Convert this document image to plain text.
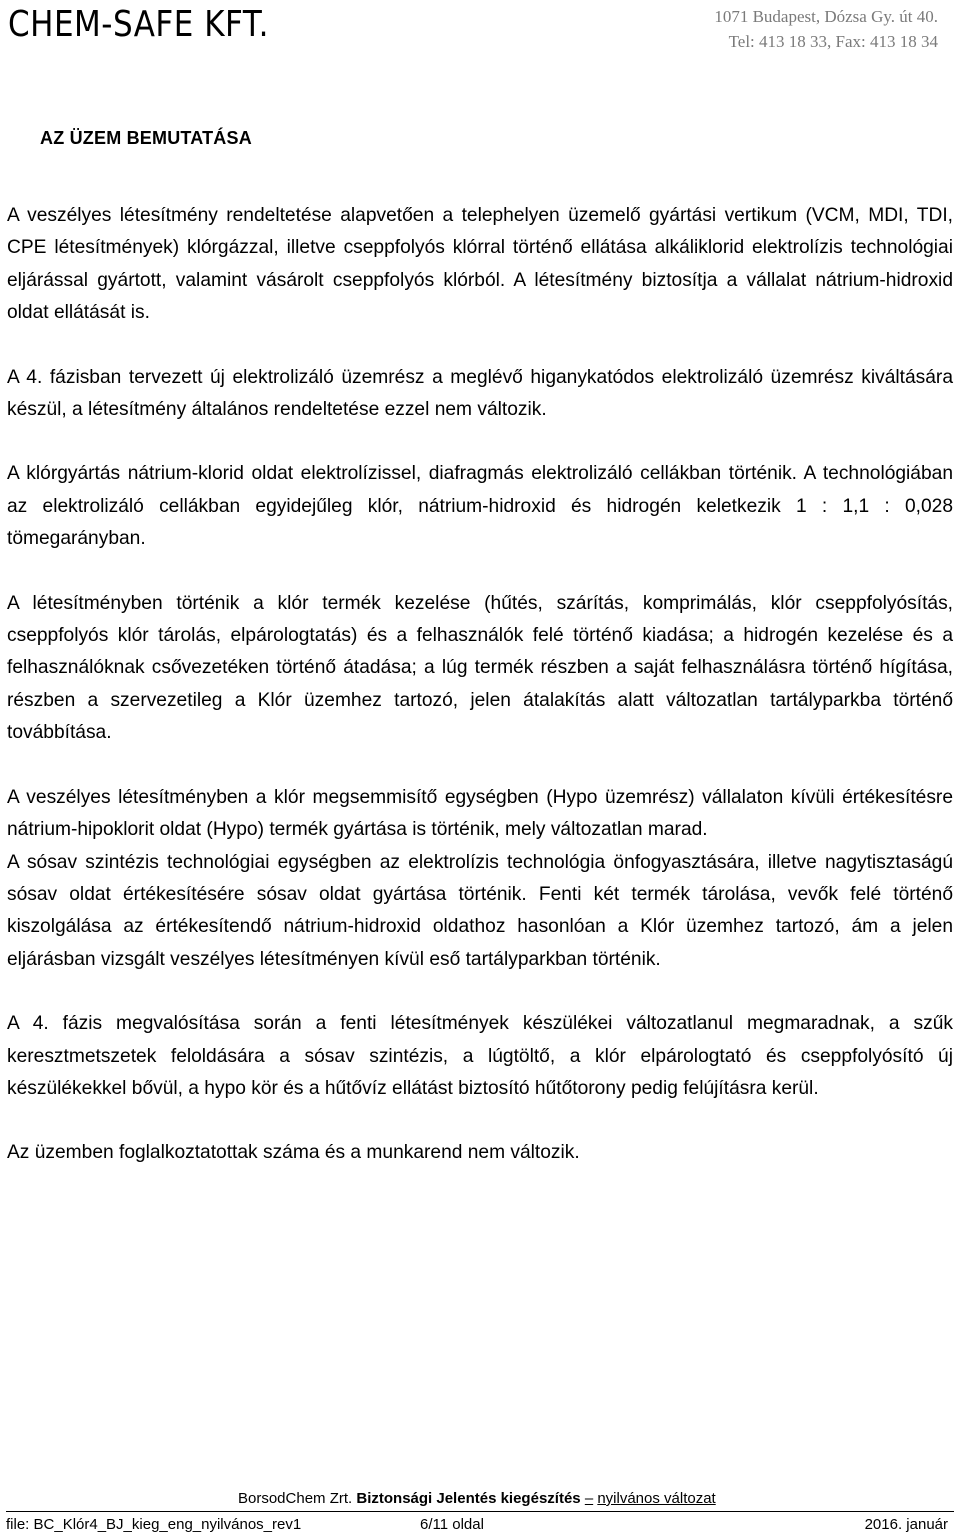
CHEM-SAFE KFT.	1071 Budapest, Dózsa Gy. út 40.
Tel: 413 18 33, Fax: 413 18 34
AZ ÜZEM BEMUTATÁSA

A veszélyes létesítmény rendeltetése alapvetően a telephelyen üzemelő gyártási vertikum (VCM, MDI, TDI, CPE létesítmények) klórgázzal, illetve cseppfolyós klórral történő ellátása alkáliklorid elektrolízis technológiai eljárással gyártott, valamint vásárolt cseppfolyós klórból. A létesítmény biztosítja a vállalat nátrium-hidroxid oldat ellátását is.

A 4. fázisban tervezett új elektrolizáló üzemrész a meglévő higanykatódos elektrolizáló üzemrész kiváltására készül, a létesítmény általános rendeltetése ezzel nem változik.

A klórgyártás nátrium-klorid oldat elektrolízissel, diafragmás elektrolizáló cellákban történik. A technológiában az elektrolizáló cellákban egyidejűleg klór, nátrium-hidroxid és hidrogén keletkezik 1 : 1,1 : 0,028 tömegarányban.

A létesítményben történik a klór termék kezelése (hűtés, szárítás, komprimálás, klór cseppfolyósítás, cseppfolyós klór tárolás, elpárologtatás) és a felhasználók felé történő kiadása; a hidrogén kezelése és a felhasználóknak csővezetéken történő átadása; a lúg termék részben a saját felhasználásra történő hígítása, részben a szervezetileg a Klór üzemhez tartozó, jelen átalakítás alatt változatlan tartályparkba történő továbbítása.

A veszélyes létesítményben a klór megsemmisítő egységben (Hypo üzemrész) vállalaton kívüli értékesítésre nátrium-hipoklorit oldat (Hypo) termék gyártása is történik, mely változatlan marad.

A sósav szintézis technológiai egységben az elektrolízis technológia önfogyasztására, illetve nagytisztaságú sósav oldat értékesítésére sósav oldat gyártása történik. Fenti két termék tárolása, vevők felé történő kiszolgálása az értékesítendő nátrium-hidroxid oldathoz hasonlóan a Klór üzemhez tartozó, ám a jelen eljárásban vizsgált veszélyes létesítményen kívül eső tartályparkban történik.

A 4. fázis megvalósítása során a fenti létesítmények készülékei változatlanul megmaradnak, a szűk keresztmetszetek feloldására a sósav szintézis, a lúgtöltő, a klór elpárologtató és cseppfolyósító új készülékekkel bővül, a hypo kör és a hűtővíz ellátást biztosító hűtőtorony pedig felújításra kerül.

Az üzemben foglalkoztatottak száma és a munkarend nem változik.

BorsodChem Zrt. Biztonsági Jelentés kiegészítés – nyilvános változat
file: BC_Klór4_BJ_kieg_eng_nyilvános_rev1	6/11 oldal	2016. január
